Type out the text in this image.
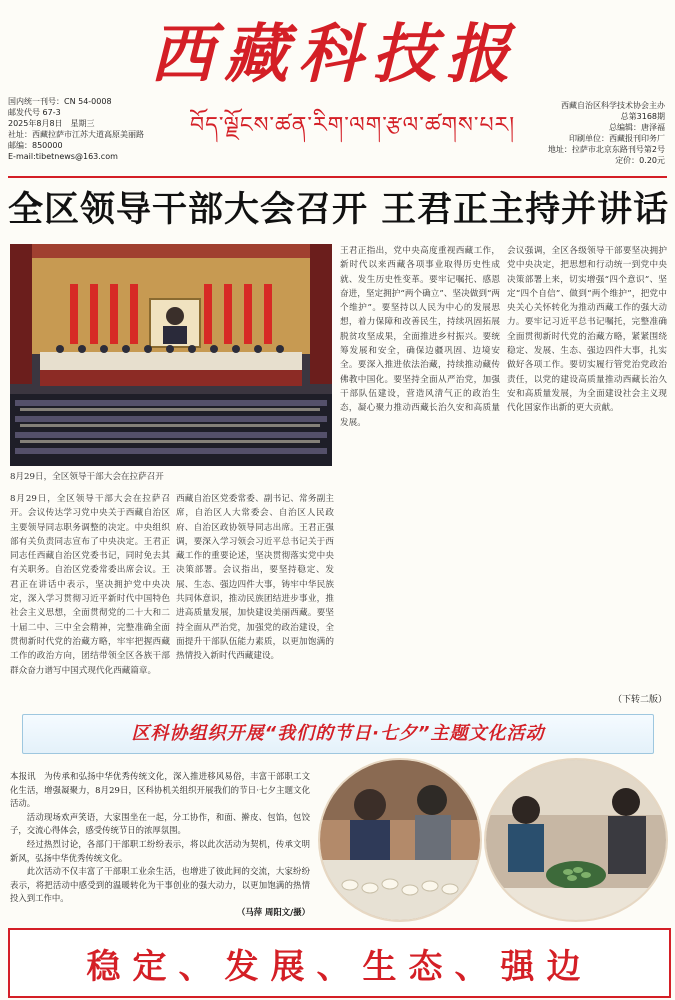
西藏科技报
བོད་ལྗོངས་ཚན་རིག་ལག་རྩལ་ཚགས་པར།
国内统一刊号：CN 54-0008
邮发代号 67-3
2025年8月8日　星期三
社址：西藏拉萨市江苏大道高原美丽路
邮编：850000
E-mail:tibetnews@163.com
西藏自治区科学技术协会主办
总第3168期
总编辑：唐泽福
印刷单位：西藏报刊印务厂
地址：拉萨市北京东路刊号第2号
定价：0.20元
全区领导干部大会召开 王君正主持并讲话
8月29日，全区领导干部大会在拉萨召开。会议传达学习党中央关于西藏自治区主要领导同志职务调整的决定。中央组织部有关负责同志宣布了中央决定。王君正同志任西藏自治区党委书记，同时免去其有关职务。自治区党委常委出席会议。王君正在讲话中表示，坚决拥护党中央决定，深入学习贯彻习近平新时代中国特色社会主义思想，全面贯彻党的二十大和二十届二中、三中全会精神，完整准确全面贯彻新时代党的治藏方略，牢牢把握西藏工作的政治方向，团结带领全区各族干部群众奋力谱写中国式现代化西藏篇章。
西藏自治区党委常委、副书记、常务副主席，自治区人大常委会、自治区人民政府、自治区政协领导同志出席。王君正强调，要深入学习领会习近平总书记关于西藏工作的重要论述，坚决贯彻落实党中央决策部署。会议指出，要坚持稳定、发展、生态、强边四件大事，铸牢中华民族共同体意识，推动民族团结进步事业，推进高质量发展，加快建设美丽西藏。要坚持全面从严治党，加强党的政治建设，全面提升干部队伍能力素质，以更加饱满的热情投入新时代西藏建设。
王君正指出，党中央高度重视西藏工作，新时代以来西藏各项事业取得历史性成就、发生历史性变革。要牢记嘱托、感恩奋进，坚定拥护“两个确立”、坚决做到“两个维护”。要坚持以人民为中心的发展思想，着力保障和改善民生，持续巩固拓展脱贫攻坚成果，全面推进乡村振兴。要统筹发展和安全，确保边疆巩固、边境安全。要深入推进依法治藏，持续推动藏传佛教中国化。要坚持全面从严治党，加强干部队伍建设，营造风清气正的政治生态，凝心聚力推动西藏长治久安和高质量发展。
会议强调，全区各级领导干部要坚决拥护党中央决定，把思想和行动统一到党中央决策部署上来，切实增强“四个意识”、坚定“四个自信”、做到“两个维护”，把党中央关心关怀转化为推动西藏工作的强大动力。要牢记习近平总书记嘱托，完整准确全面贯彻新时代党的治藏方略，紧紧围绕稳定、发展、生态、强边四件大事，扎实做好各项工作。要切实履行管党治党政治责任，以党的建设高质量推动西藏长治久安和高质量发展，为全面建设社会主义现代化国家作出新的更大贡献。
（下转二版）
8月29日，全区领导干部大会在拉萨召开
区科协组织开展“我们的节日·七夕”主题文化活动
本报讯　为传承和弘扬中华优秀传统文化，深入推进移风易俗，丰富干部职工文化生活，增强凝聚力，8月29日，区科协机关组织开展我们的节日·七夕主题文化活动。
活动现场欢声笑语，大家围坐在一起，分工协作，和面、擀皮、包馅，包饺子，交流心得体会，感受传统节日的浓厚氛围。
经过热烈讨论，各部门干部职工纷纷表示，将以此次活动为契机，传承文明新风，弘扬中华优秀传统文化。
此次活动不仅丰富了干部职工业余生活，也增进了彼此间的交流，大家纷纷表示，将把活动中感受到的温暖转化为干事创业的强大动力，以更加饱满的热情投入到工作中。
（马萍 周阳文/摄）
稳定、发展、生态、强边
